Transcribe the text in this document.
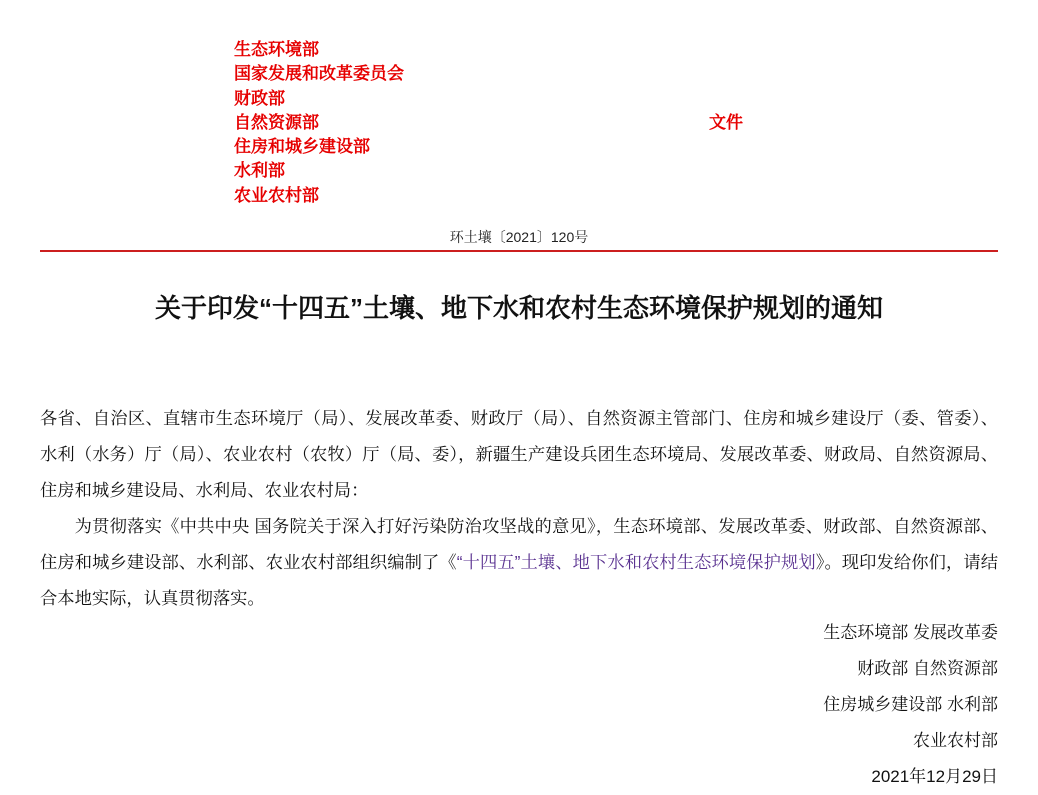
生态环境部
国家发展和改革委员会
财政部
自然资源部
住房和城乡建设部
水利部
农业农村部
文件
环土壤〔2021〕120号
关于印发“十四五”土壤、地下水和农村生态环境保护规划的通知

各省、自治区、直辖市生态环境厅（局）、发展改革委、财政厅（局）、自然资源主管部门、住房和城乡建设厅（委、管委）、水利（水务）厅（局）、农业农村（农牧）厅（局、委），新疆生产建设兵团生态环境局、发展改革委、财政局、自然资源局、住房和城乡建设局、水利局、农业农村局：

为贯彻落实《中共中央 国务院关于深入打好污染防治攻坚战的意见》，生态环境部、发展改革委、财政部、自然资源部、住房和城乡建设部、水利部、农业农村部组织编制了《“十四五”土壤、地下水和农村生态环境保护规划》。现印发给你们，请结合本地实际，认真贯彻落实。

生态环境部 发展改革委
财政部 自然资源部
住房城乡建设部 水利部
农业农村部
2021年12月29日
